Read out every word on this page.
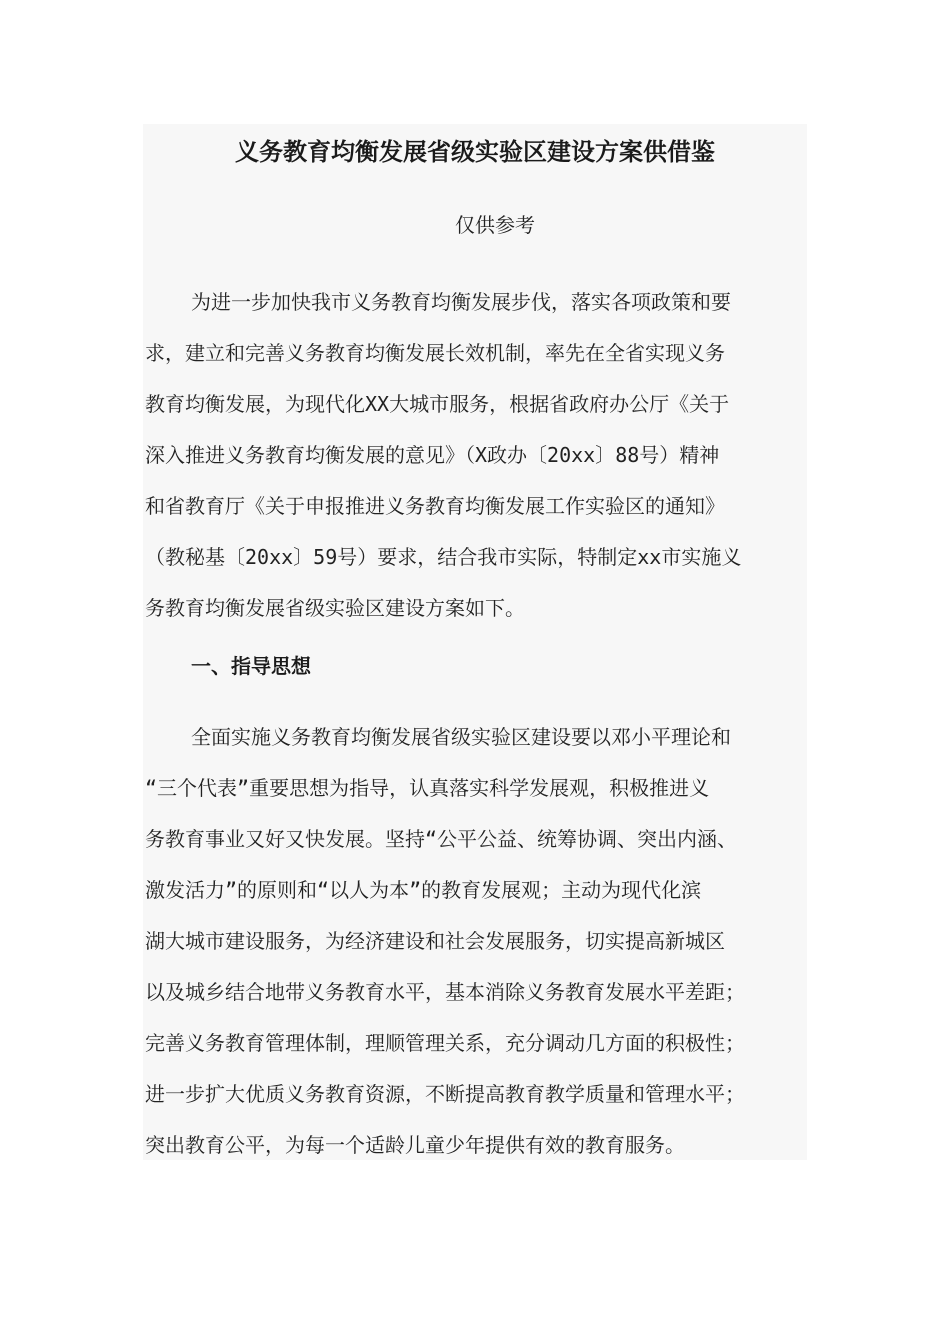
义务教育均衡发展省级实验区建设方案供借鉴

仅供参考

为进一步加快我市义务教育均衡发展步伐，落实各项政策和要
求，建立和完善义务教育均衡发展长效机制，率先在全省实现义务
教育均衡发展，为现代化XX大城市服务，根据省政府办公厅《关于
深入推进义务教育均衡发展的意见》（X政办〔20xx〕88号）精神
和省教育厅《关于申报推进义务教育均衡发展工作实验区的通知》
（教秘基〔20xx〕59号）要求，结合我市实际，特制定xx市实施义
务教育均衡发展省级实验区建设方案如下。
一、指导思想
全面实施义务教育均衡发展省级实验区建设要以邓小平理论和
“三个代表”重要思想为指导，认真落实科学发展观，积极推进义
务教育事业又好又快发展。坚持“公平公益、统筹协调、突出内涵、
激发活力”的原则和“以人为本”的教育发展观；主动为现代化滨
湖大城市建设服务，为经济建设和社会发展服务，切实提高新城区
以及城乡结合地带义务教育水平，基本消除义务教育发展水平差距；
完善义务教育管理体制，理顺管理关系，充分调动几方面的积极性；
进一步扩大优质义务教育资源，不断提高教育教学质量和管理水平；
突出教育公平，为每一个适龄儿童少年提供有效的教育服务。
